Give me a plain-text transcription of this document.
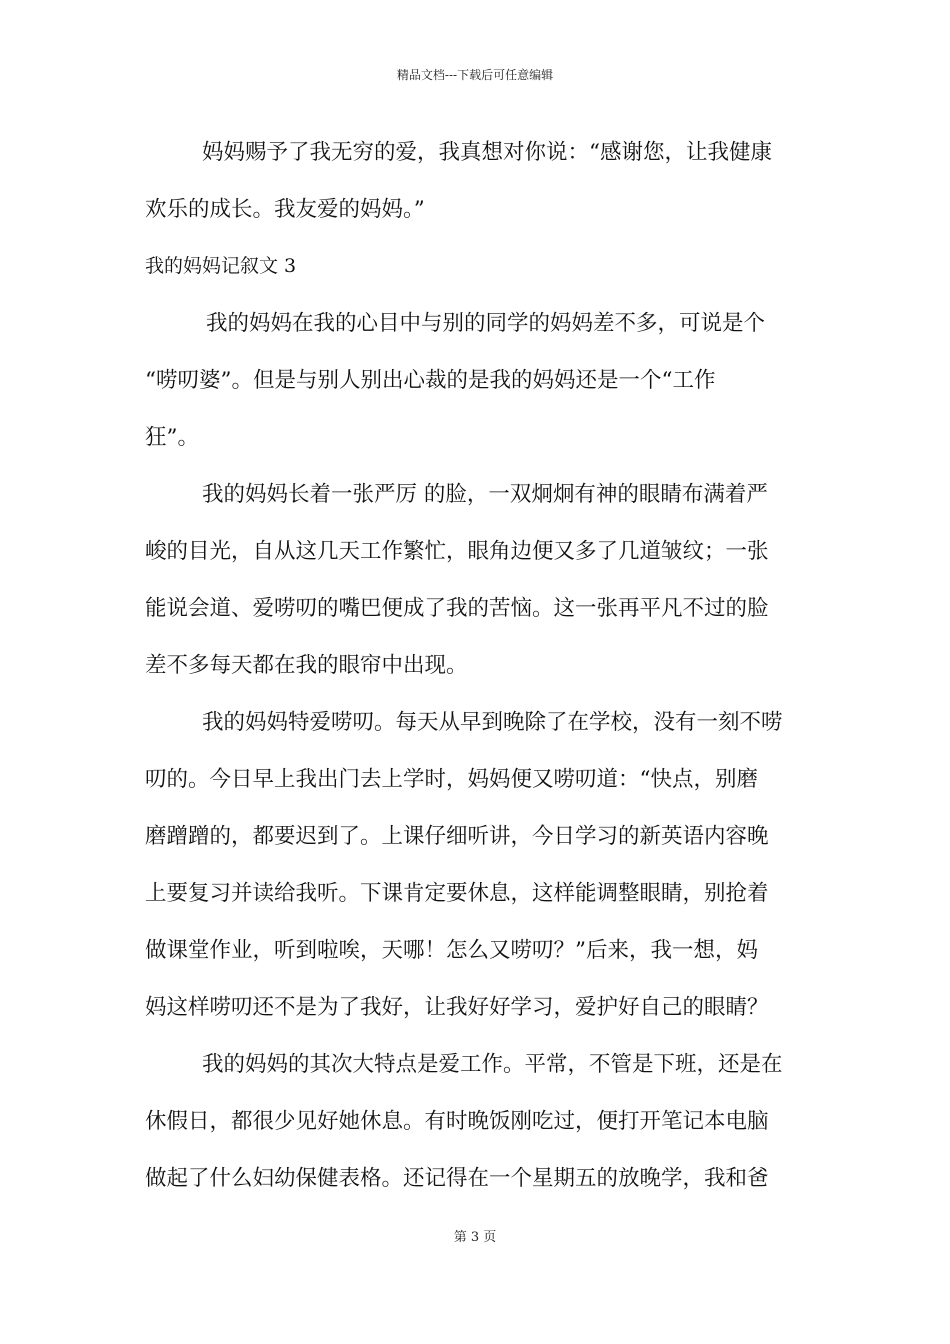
精品文档---下载后可任意编辑
妈妈赐予了我无穷的爱，我真想对你说：“感谢您，让我健康
欢乐的成长。我友爱的妈妈。”
我的妈妈记叙文 3
我的妈妈在我的心目中与别的同学的妈妈差不多，可说是个
“唠叨婆”。但是与别人别出心裁的是我的妈妈还是一个“工作
狂”。
我的妈妈长着一张严厉 的脸，一双炯炯有神的眼睛布满着严
峻的目光，自从这几天工作繁忙，眼角边便又多了几道皱纹；一张
能说会道、爱唠叨的嘴巴便成了我的苦恼。这一张再平凡不过的脸
差不多每天都在我的眼帘中出现。
我的妈妈特爱唠叨。每天从早到晚除了在学校，没有一刻不唠
叨的。今日早上我出门去上学时，妈妈便又唠叨道：“快点，别磨
磨蹭蹭的，都要迟到了。上课仔细听讲，今日学习的新英语内容晚
上要复习并读给我听。下课肯定要休息，这样能调整眼睛，别抢着
做课堂作业，听到啦唉，天哪！怎么又唠叨？”后来，我一想，妈
妈这样唠叨还不是为了我好，让我好好学习，爱护好自己的眼睛？
我的妈妈的其次大特点是爱工作。平常，不管是下班，还是在
休假日，都很少见好她休息。有时晚饭刚吃过，便打开笔记本电脑
做起了什么妇幼保健表格。还记得在一个星期五的放晚学，我和爸
第 3 页
